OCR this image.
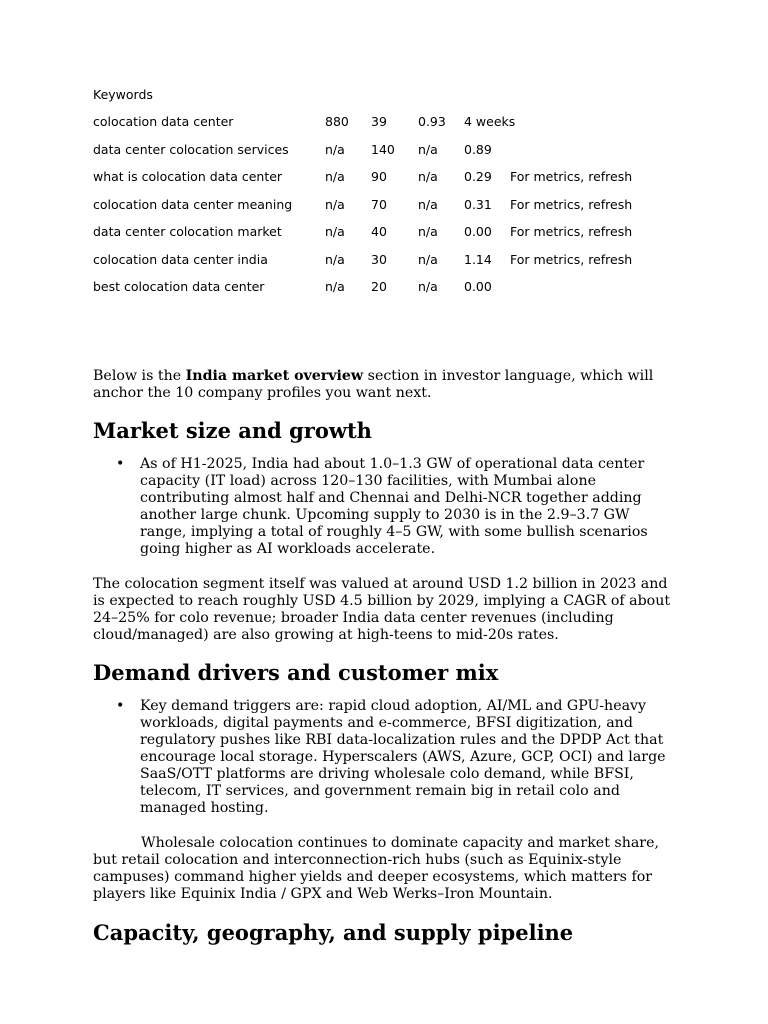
Keywords
colocation data center	880 39 0.93 4 weeks
data center colocation services	n/a 140 n/a 0.89
what is colocation data center	n/a 90 n/a 0.29 For metrics, refresh
colocation data center meaning	n/a 70 n/a 0.31 For metrics, refresh
data center colocation market	n/a 40 n/a 0.00 For metrics, refresh
colocation data center india	n/a 30 n/a 1.14 For metrics, refresh
best colocation data center	n/a 20 n/a 0.00

Below is the India market overview section in investor language, which will anchor the 10 company profiles you want next.

Market size and growth
• As of H1-2025, India had about 1.0–1.3 GW of operational data center capacity (IT load) across 120–130 facilities, with Mumbai alone contributing almost half and Chennai and Delhi-NCR together adding another large chunk. Upcoming supply to 2030 is in the 2.9–3.7 GW range, implying a total of roughly 4–5 GW, with some bullish scenarios going higher as AI workloads accelerate.

The colocation segment itself was valued at around USD 1.2 billion in 2023 and is expected to reach roughly USD 4.5 billion by 2029, implying a CAGR of about 24–25% for colo revenue; broader India data center revenues (including cloud/managed) are also growing at high-teens to mid-20s rates.

Demand drivers and customer mix
• Key demand triggers are: rapid cloud adoption, AI/ML and GPU-heavy workloads, digital payments and e-commerce, BFSI digitization, and regulatory pushes like RBI data-localization rules and the DPDP Act that encourage local storage. Hyperscalers (AWS, Azure, GCP, OCI) and large SaaS/OTT platforms are driving wholesale colo demand, while BFSI, telecom, IT services, and government remain big in retail colo and managed hosting.

Wholesale colocation continues to dominate capacity and market share, but retail colocation and interconnection-rich hubs (such as Equinix-style campuses) command higher yields and deeper ecosystems, which matters for players like Equinix India / GPX and Web Werks–Iron Mountain.

Capacity, geography, and supply pipeline
